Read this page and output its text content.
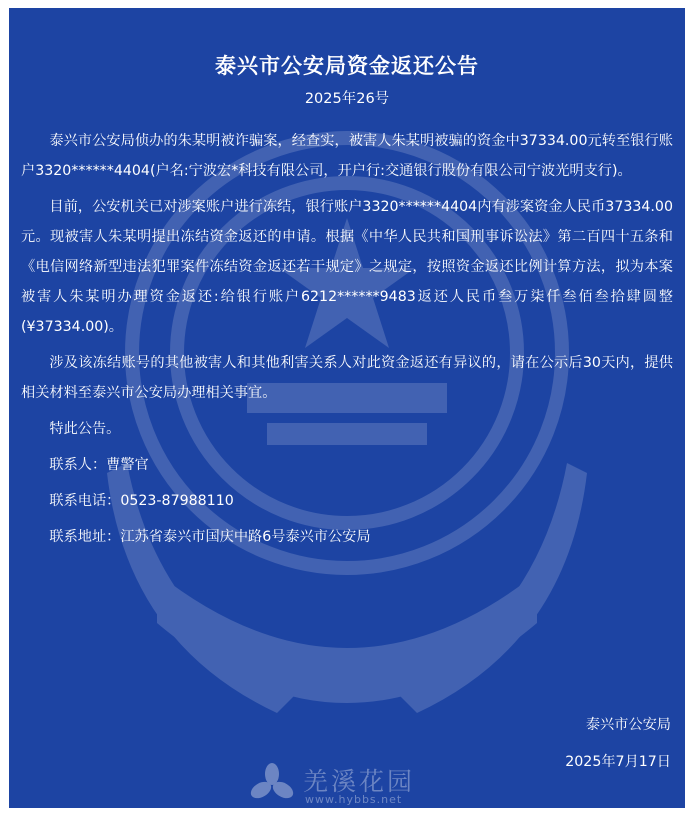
泰兴市公安局资金返还公告
2025年26号

泰兴市公安局侦办的朱某明被诈骗案，经查实，被害人朱某明被骗的资金中37334.00元转至银行账户3320******4404(户名:宁波宏*科技有限公司，开户行:交通银行股份有限公司宁波光明支行)。

目前，公安机关已对涉案账户进行冻结，银行账户3320******4404内有涉案资金人民币37334.00元。现被害人朱某明提出冻结资金返还的申请。根据《中华人民共和国刑事诉讼法》第二百四十五条和《电信网络新型违法犯罪案件冻结资金返还若干规定》之规定，按照资金返还比例计算方法，拟为本案被害人朱某明办理资金返还:给银行账户6212******9483返还人民币叁万柒仟叁佰叁拾肆圆整(¥37334.00)。

涉及该冻结账号的其他被害人和其他利害关系人对此资金返还有异议的，请在公示后30天内，提供相关材料至泰兴市公安局办理相关事宜。

特此公告。

联系人：曹警官

联系电话：0523-87988110

联系地址：江苏省泰兴市国庆中路6号泰兴市公安局

泰兴市公安局
2025年7月17日
羌溪花园
www.hybbs.net
